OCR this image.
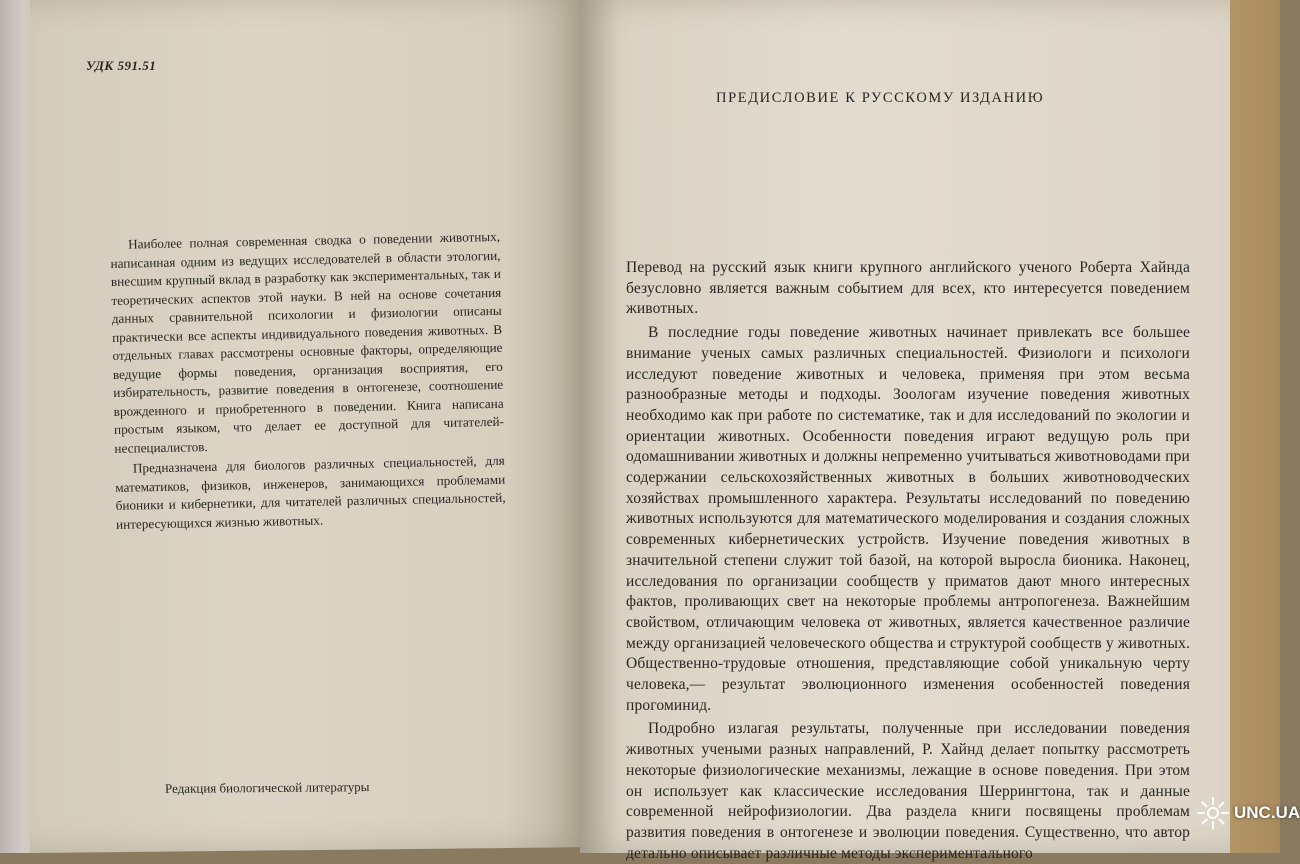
УДК 591.51

Наиболее полная современная сводка о поведении животных, написанная одним из ведущих исследователей в области этологии, внесшим крупный вклад в разработку как экспериментальных, так и теоретических аспектов этой науки. В ней на основе сочетания данных сравнительной психологии и физиологии описаны практически все аспекты индивидуального поведения животных. В отдельных главах рассмотрены основные факторы, определяющие ведущие формы поведения, организация восприятия, его избирательность, развитие поведения в онтогенезе, соотношение врожденного и приобретенного в поведении. Книга написана простым языком, что делает ее доступной для читателей-неспециалистов.

Предназначена для биологов различных специальностей, для математиков, физиков, инженеров, занимающихся проблемами бионики и кибернетики, для читателей различных специальностей, интересующихся жизнью животных.

Редакция биологической литературы
ПРЕДИСЛОВИЕ К РУССКОМУ ИЗДАНИЮ

Перевод на русский язык книги крупного английского ученого Роберта Хайнда безусловно является важным событием для всех, кто интересуется поведением животных.

В последние годы поведение животных начинает привлекать все большее внимание ученых самых различных специальностей. Физиологи и психологи исследуют поведение животных и человека, применяя при этом весьма разнообразные методы и подходы. Зоологам изучение поведения животных необходимо как при работе по систематике, так и для исследований по экологии и ориентации животных. Особенности поведения играют ведущую роль при одомашнивании животных и должны непременно учитываться животноводами при содержании сельскохозяйственных животных в больших животноводческих хозяйствах промышленного характера. Результаты исследований по поведению животных используются для математического моделирования и создания сложных современных кибернетических устройств. Изучение поведения животных в значительной степени служит той базой, на которой выросла бионика. Наконец, исследования по организации сообществ у приматов дают много интересных фактов, проливающих свет на некоторые проблемы антропогенеза. Важнейшим свойством, отличающим человека от животных, является качественное различие между организацией человеческого общества и структурой сообществ у животных. Общественно-трудовые отношения, представляющие собой уникальную черту человека,— результат эволюционного изменения особенностей поведения прогоминид.

Подробно излагая результаты, полученные при исследовании поведения животных учеными разных направлений, Р. Хайнд делает попытку рассмотреть некоторые физиологические механизмы, лежащие в основе поведения. При этом он использует как классические исследования Шеррингтона, так и данные современной нейрофизиологии. Два раздела книги посвящены проблемам развития поведения в онтогенезе и эволюции поведения. Существенно, что автор детально описывает различные методы экспериментального

UNC.UA
